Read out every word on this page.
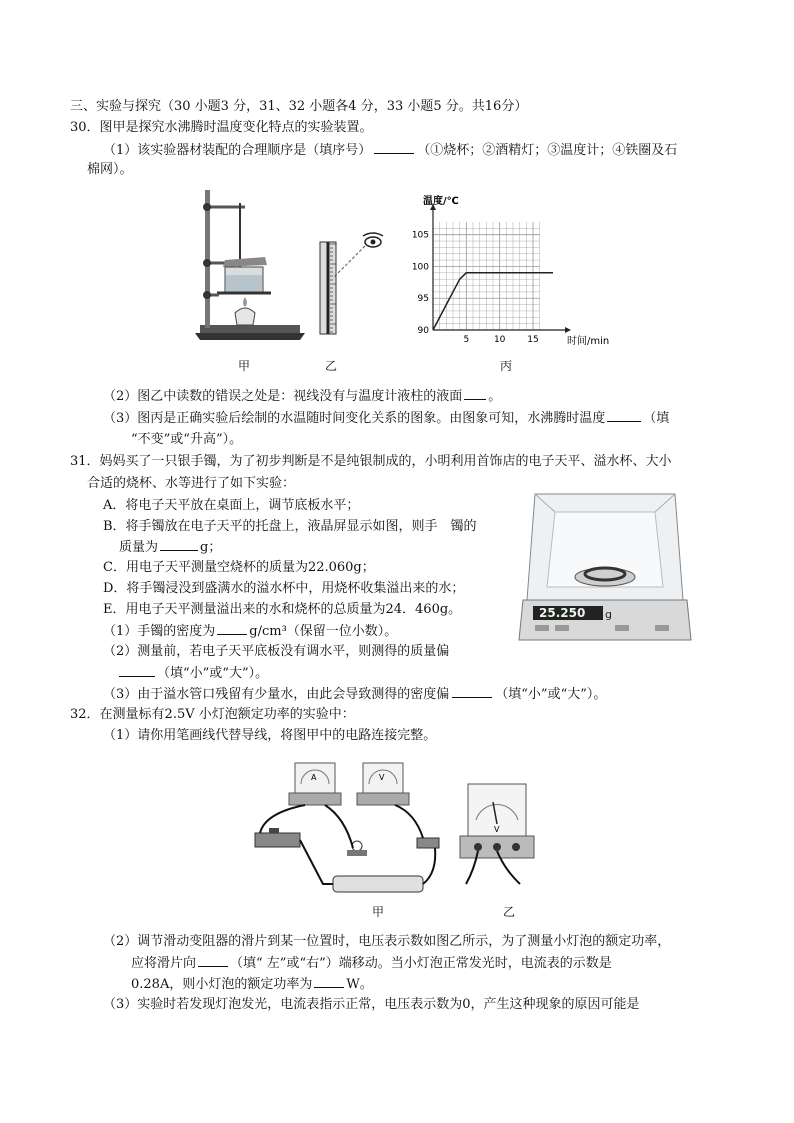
三、实验与探究（30 小题3 分，31、32 小题各4 分，33 小题5 分。共16分）
30．图甲是探究水沸腾时温度变化特点的实验装置。
（1）该实验器材装配的合理顺序是（填序号）	（①烧杯；②酒精灯；③温度计；④铁圈及石
棉网）。
甲	乙
90
95
100
105
5	10 15
温度/℃
时间/min
丙
（2）图乙中读数的错误之处是：视线没有与温度计液柱的液面 。
（3）图丙是正确实验后绘制的水温随时间变化关系的图象。由图象可知，水沸腾时温度	（填
“不变”或“升高”）。
31．妈妈买了一只银手镯，为了初步判断是不是纯银制成的，小明利用首饰店的电子天平、溢水杯、大小
合适的烧杯、水等进行了如下实验：
A．将电子天平放在桌面上，调节底板水平；
B．将手镯放在电子天平的托盘上，液晶屏显示如图，则手　镯的
质量为	g；
C．用电子天平测量空烧杯的质量为22.060g；
D．将手镯浸没到盛满水的溢水杯中，用烧杯收集溢出来的水；
E．用电子天平测量溢出来的水和烧杯的总质量为24．460g。
（1）手镯的密度为	g/cm³（保留一位小数）。
（2）测量前，若电子天平底板没有调水平，则测得的质量偏
（填“小”或“大”）。
（3）由于溢水管口残留有少量水，由此会导致测得的密度偏	（填“小”或“大”）。
25.250 g
32．在测量标有2.5V 小灯泡额定功率的实验中：
（1）请你用笔画线代替导线，将图甲中的电路连接完整。
A	V
甲
V
乙
（2）调节滑动变阻器的滑片到某一位置时，电压表示数如图乙所示，为了测量小灯泡的额定功率，
应将滑片向	（填“ 左”或“右”）端移动。当小灯泡正常发光时，电流表的示数是
0.28A，则小灯泡的额定功率为	W。
（3）实验时若发现灯泡发光，电流表指示正常，电压表示数为0，产生这种现象的原因可能是
